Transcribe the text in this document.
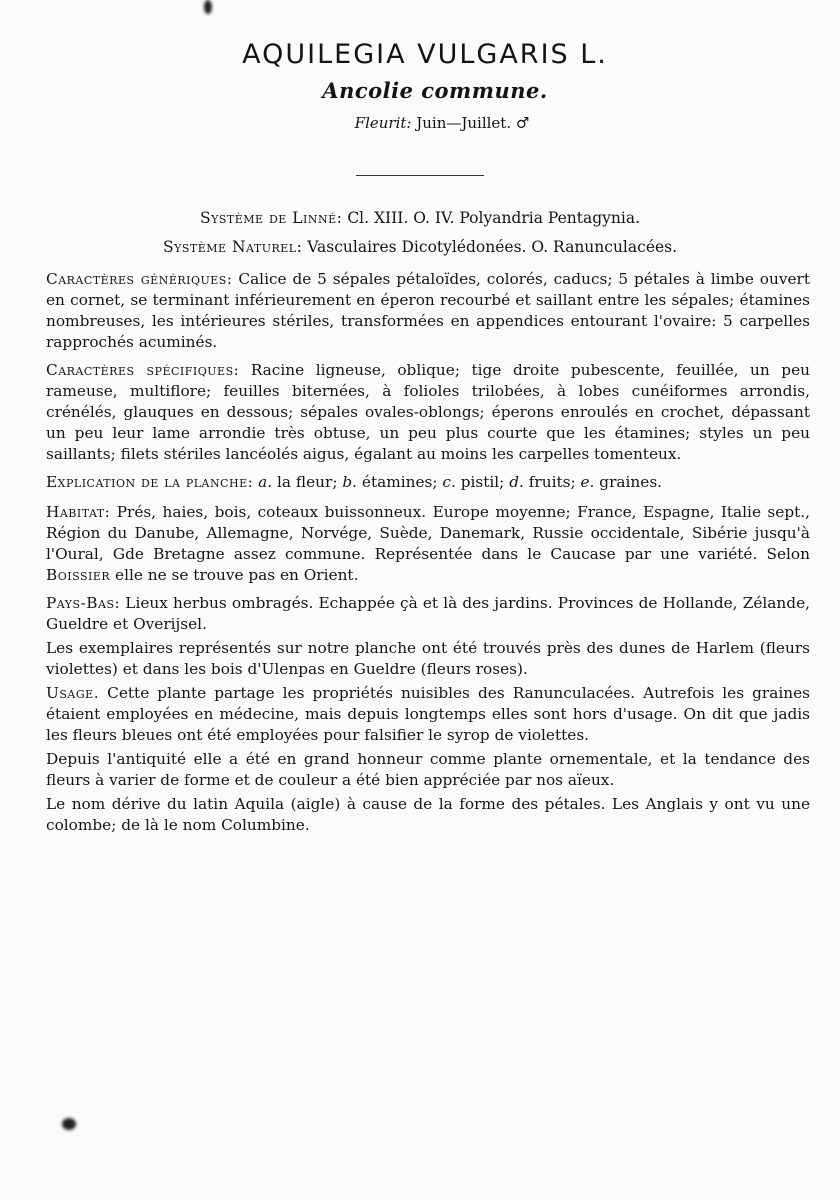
AQUILEGIA VULGARIS L.
Ancolie commune.
Fleurit: Juin—Juillet. ♂
Système de Linné: Cl. XIII. O. IV. Polyandria Pentagynia.
Système Naturel: Vasculaires Dicotylédonées. O. Ranunculacées.

Caractères génériques: Calice de 5 sépales pétaloïdes, colorés, caducs; 5 pétales à limbe ouvert en cornet, se terminant inférieurement en éperon recourbé et saillant entre les sépales; étamines nombreuses, les intérieures stériles, transformées en appendices entourant l'ovaire: 5 carpelles rapprochés acuminés.

Caractères spécifiques: Racine ligneuse, oblique; tige droite pubescente, feuillée, un peu rameuse, multiflore; feuilles biternées, à folioles trilobées, à lobes cunéiformes arrondis, crénélés, glauques en dessous; sépales ovales-oblongs; éperons enroulés en crochet, dépassant un peu leur lame arrondie très obtuse, un peu plus courte que les étamines; styles un peu saillants; filets stériles lancéolés aigus, égalant au moins les carpelles tomenteux.

Explication de la planche: a. la fleur; b. étamines; c. pistil; d. fruits; e. graines.

Habitat: Prés, haies, bois, coteaux buissonneux. Europe moyenne; France, Espagne, Italie sept., Région du Danube, Allemagne, Norvége, Suède, Danemark, Russie occidentale, Sibérie jusqu'à l'Oural, Gde Bretagne assez commune. Représentée dans le Caucase par une variété. Selon Boissier elle ne se trouve pas en Orient.

Pays-Bas: Lieux herbus ombragés. Echappée çà et là des jardins. Provinces de Hollande, Zélande, Gueldre et Overijsel.

Les exemplaires représentés sur notre planche ont été trouvés près des dunes de Harlem (fleurs violettes) et dans les bois d'Ulenpas en Gueldre (fleurs roses).

Usage. Cette plante partage les propriétés nuisibles des Ranunculacées. Autrefois les graines étaient employées en médecine, mais depuis longtemps elles sont hors d'usage. On dit que jadis les fleurs bleues ont été employées pour falsifier le syrop de violettes.

Depuis l'antiquité elle a été en grand honneur comme plante ornementale, et la tendance des fleurs à varier de forme et de couleur a été bien appréciée par nos aïeux.

Le nom dérive du latin Aquila (aigle) à cause de la forme des pétales. Les Anglais y ont vu une colombe; de là le nom Columbine.
